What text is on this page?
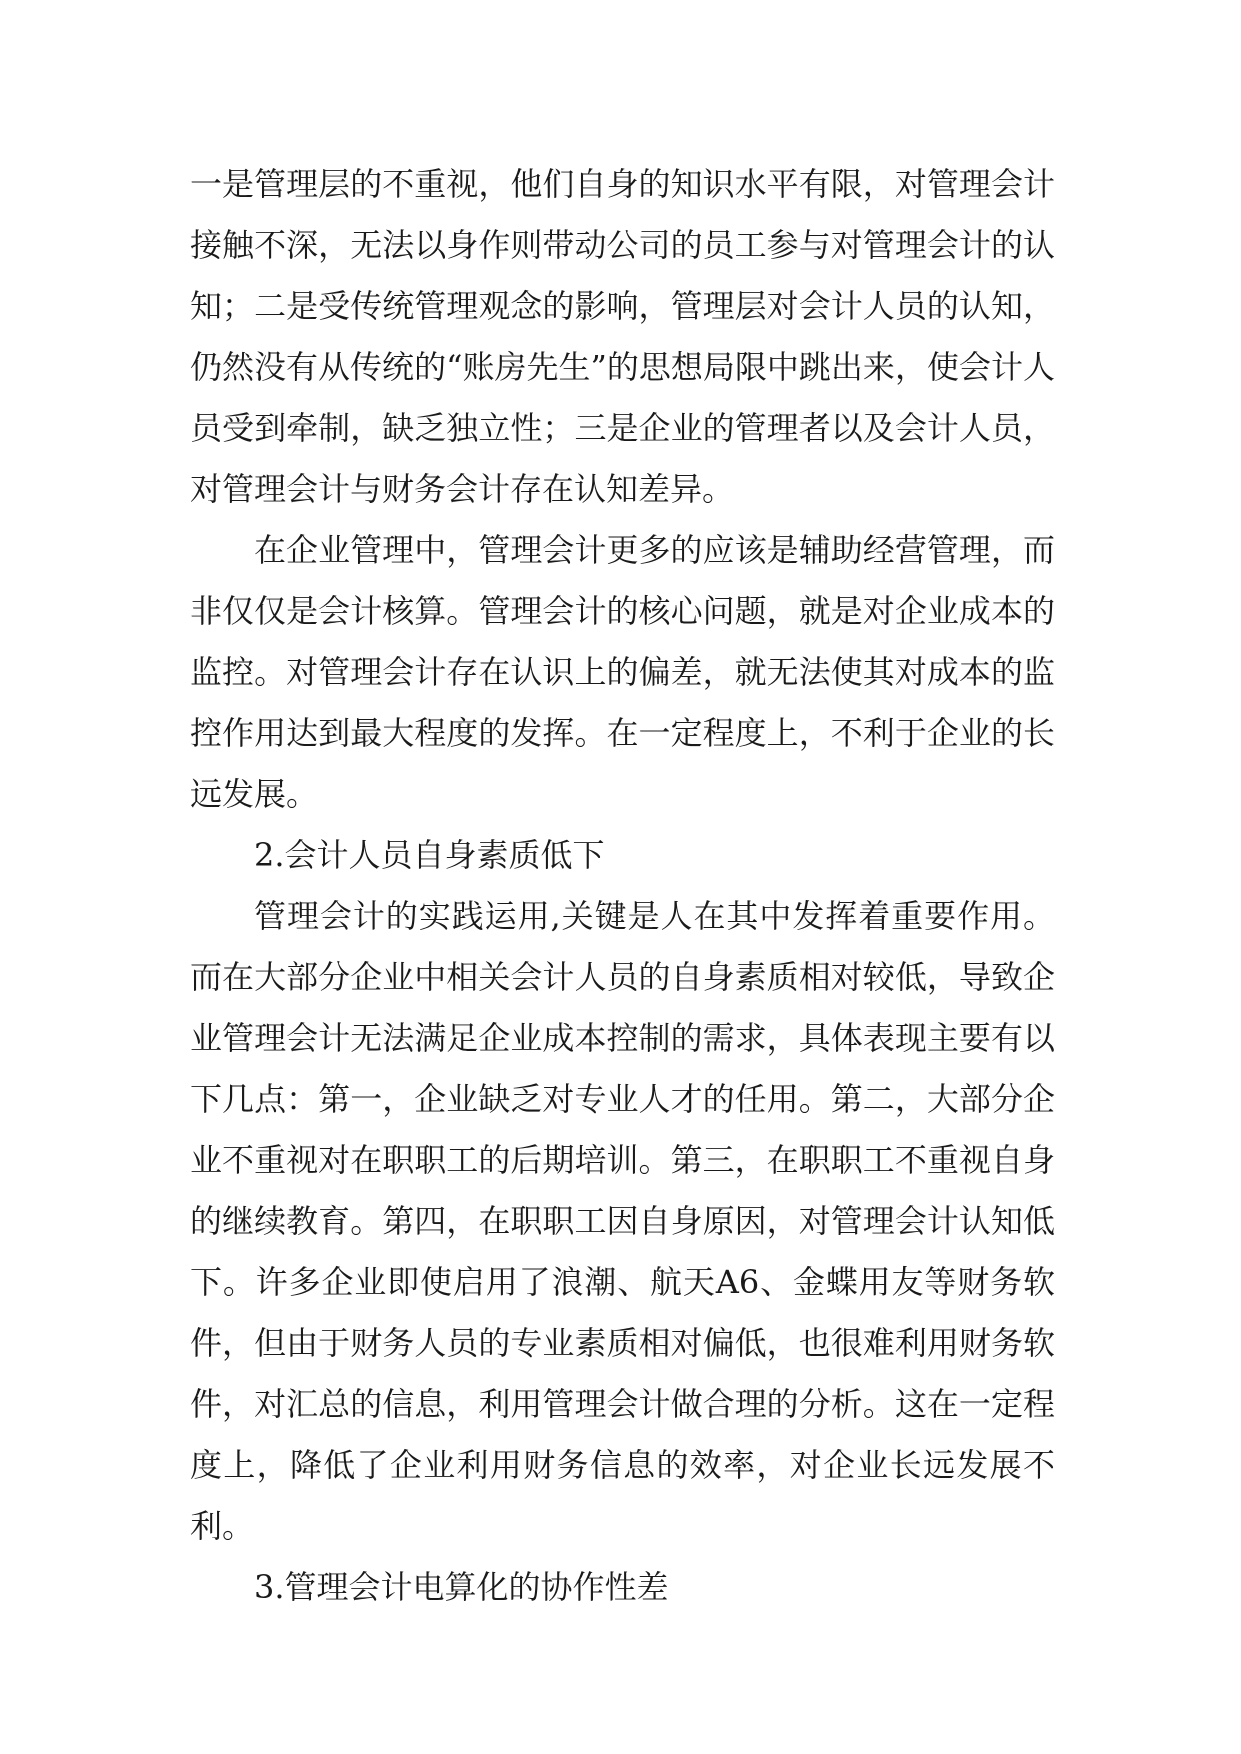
一是管理层的不重视，他们自身的知识水平有限，对管理会计接触不深，无法以身作则带动公司的员工参与对管理会计的认知；二是受传统管理观念的影响，管理层对会计人员的认知，仍然没有从传统的“账房先生”的思想局限中跳出来，使会计人员受到牵制，缺乏独立性；三是企业的管理者以及会计人员，对管理会计与财务会计存在认知差异。

在企业管理中，管理会计更多的应该是辅助经营管理，而非仅仅是会计核算。管理会计的核心问题，就是对企业成本的监控。对管理会计存在认识上的偏差，就无法使其对成本的监控作用达到最大程度的发挥。在一定程度上，不利于企业的长远发展。

2.会计人员自身素质低下

管理会计的实践运用,关键是人在其中发挥着重要作用。而在大部分企业中相关会计人员的自身素质相对较低，导致企业管理会计无法满足企业成本控制的需求，具体表现主要有以下几点：第一，企业缺乏对专业人才的任用。第二，大部分企业不重视对在职职工的后期培训。第三，在职职工不重视自身的继续教育。第四，在职职工因自身原因，对管理会计认知低下。许多企业即使启用了浪潮、航天A6、金蝶用友等财务软件，但由于财务人员的专业素质相对偏低，也很难利用财务软件，对汇总的信息，利用管理会计做合理的分析。这在一定程度上，降低了企业利用财务信息的效率，对企业长远发展不利。

3.管理会计电算化的协作性差
